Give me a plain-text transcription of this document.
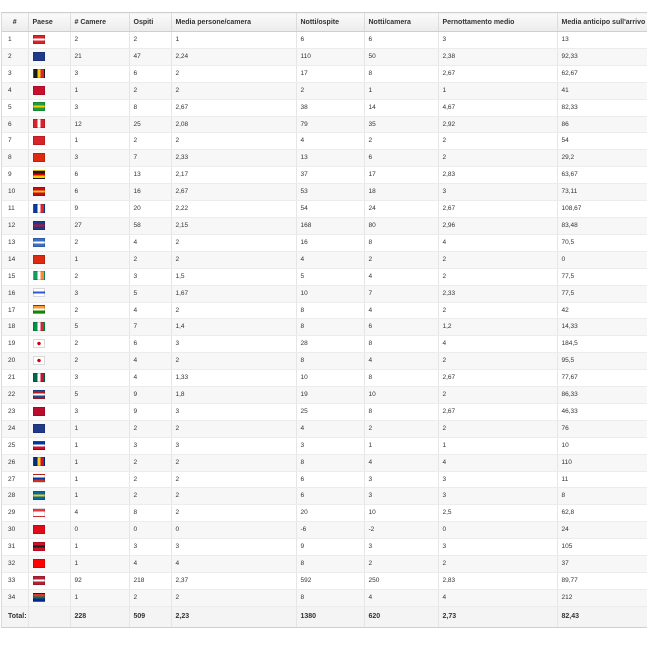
#	Paese	# Camere	Ospiti	Media persone/camera	Notti/ospite	Notti/camera	Pernottamento medio	Media anticipo sull'arrivo
1		2	2	1	6	6	3	13
2		21	47	2,24	110	50	2,38	92,33
3		3	6	2	17	8	2,67	62,67
4		1	2	2	2	1	1	41
5		3	8	2,67	38	14	4,67	82,33
6		12	25	2,08	79	35	2,92	86
7		1	2	2	4	2	2	54
8		3	7	2,33	13	6	2	29,2
9		6	13	2,17	37	17	2,83	63,67
10		6	16	2,67	53	18	3	73,11
11		9	20	2,22	54	24	2,67	108,67
12		27	58	2,15	168	80	2,96	83,48
13		2	4	2	16	8	4	70,5
14		1	2	2	4	2	2	0
15		2	3	1,5	5	4	2	77,5
16		3	5	1,67	10	7	2,33	77,5
17		2	4	2	8	4	2	42
18		5	7	1,4	8	6	1,2	14,33
19		2	6	3	28	8	4	184,5
20		2	4	2	8	4	2	95,5
21		3	4	1,33	10	8	2,67	77,67
22		5	9	1,8	19	10	2	86,33
23		3	9	3	25	8	2,67	46,33
24		1	2	2	4	2	2	76
25		1	3	3	3	1	1	10
26		1	2	2	8	4	4	110
27		1	2	2	6	3	3	11
28		1	2	2	6	3	3	8
29		4	8	2	20	10	2,5	62,8
30		0	0	0	-6	-2	0	24
31		1	3	3	9	3	3	105
32		1	4	4	8	2	2	37
33		92	218	2,37	592	250	2,83	89,77
34		1	2	2	8	4	4	212
Total:		228	509	2,23	1380	620	2,73	82,43
